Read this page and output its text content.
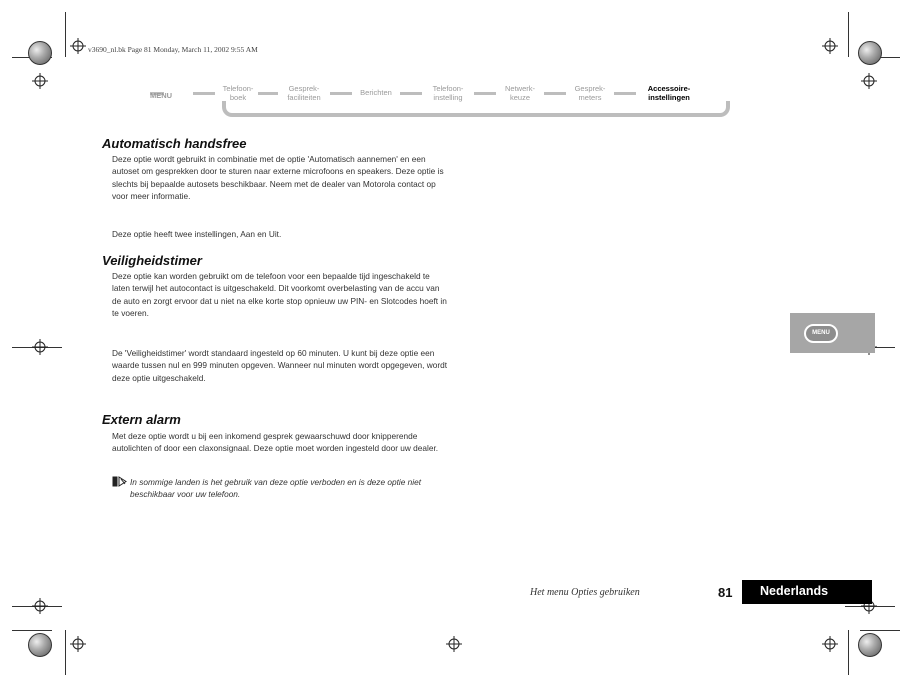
v3690_nl.bk Page 81 Monday, March 11, 2002 9:55 AM
MENU
Telefoon-
boek
Gesprek-
faciliteiten
Berichten	Telefoon-
instelling
Netwerk-
keuze
Gesprek-
meters
Accessoire-
instellingen
Automatisch handsfree
Deze optie wordt gebruikt in combinatie met de optie 'Automatisch aannemen' en een autoset om gesprekken door te sturen naar externe microfoons en speakers. Deze optie is slechts bij bepaalde autosets beschikbaar. Neem met de dealer van Motorola contact op voor meer informatie.
Deze optie heeft twee instellingen, Aan en Uit.
Veiligheidstimer
Deze optie kan worden gebruikt om de telefoon voor een bepaalde tijd ingeschakeld te laten terwijl het autocontact is uitgeschakeld. Dit voorkomt overbelasting van de accu van de auto en zorgt ervoor dat u niet na elke korte stop opnieuw uw PIN- en Slotcodes hoeft in te voeren.
De 'Veiligheidstimer' wordt standaard ingesteld op 60 minuten. U kunt bij deze optie een waarde tussen nul en 999 minuten opgeven. Wanneer nul minuten wordt opgegeven, wordt deze optie uitgeschakeld.
Extern alarm
Met deze optie wordt u bij een inkomend gesprek gewaarschuwd door knipperende autolichten of door een claxonsignaal. Deze optie moet worden ingesteld door uw dealer.
In sommige landen is het gebruik van deze optie verboden en is deze optie niet beschikbaar voor uw telefoon.
MENU
Het menu Opties gebruiken	81 Nederlands
